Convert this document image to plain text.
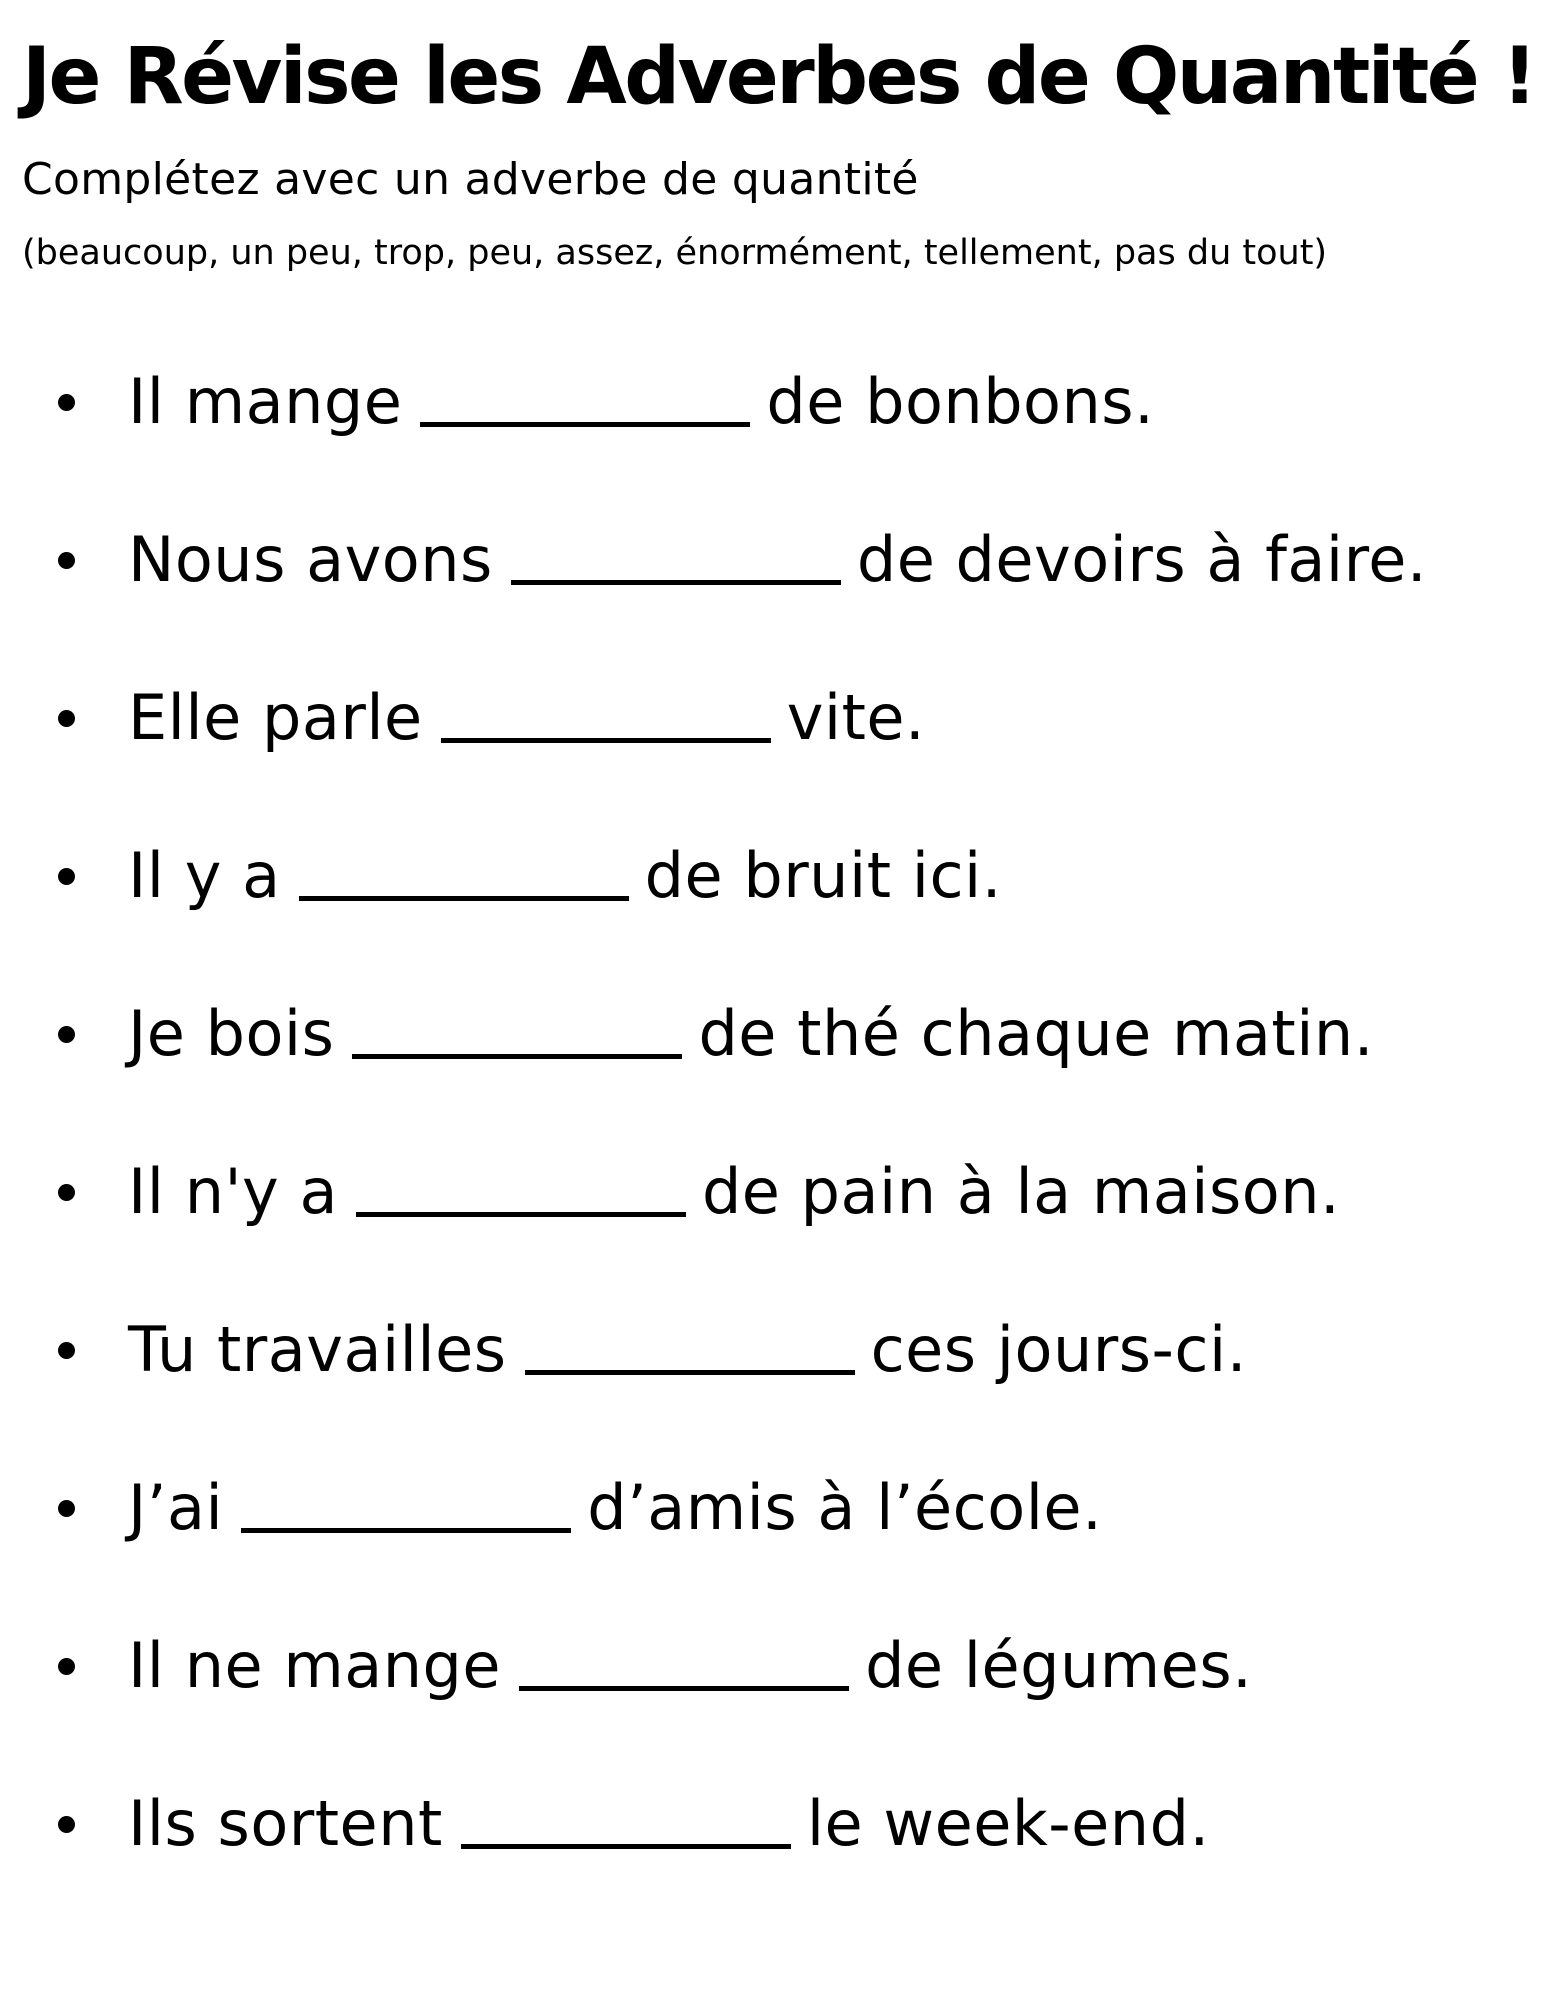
Je Révise les Adverbes de Quantité !

Complétez avec un adverbe de quantité

(beaucoup, un peu, trop, peu, assez, énormément, tellement, pas du tout)

Il mange	de bonbons.
Nous avons	de devoirs à faire.
Elle parle	vite.
Il y a	de bruit ici.
Je bois	de thé chaque matin.
Il n'y a	de pain à la maison.
Tu travailles	ces jours-ci.
J’ai	d’amis à l’école.
Il ne mange	de légumes.
Ils sortent	le week-end.
